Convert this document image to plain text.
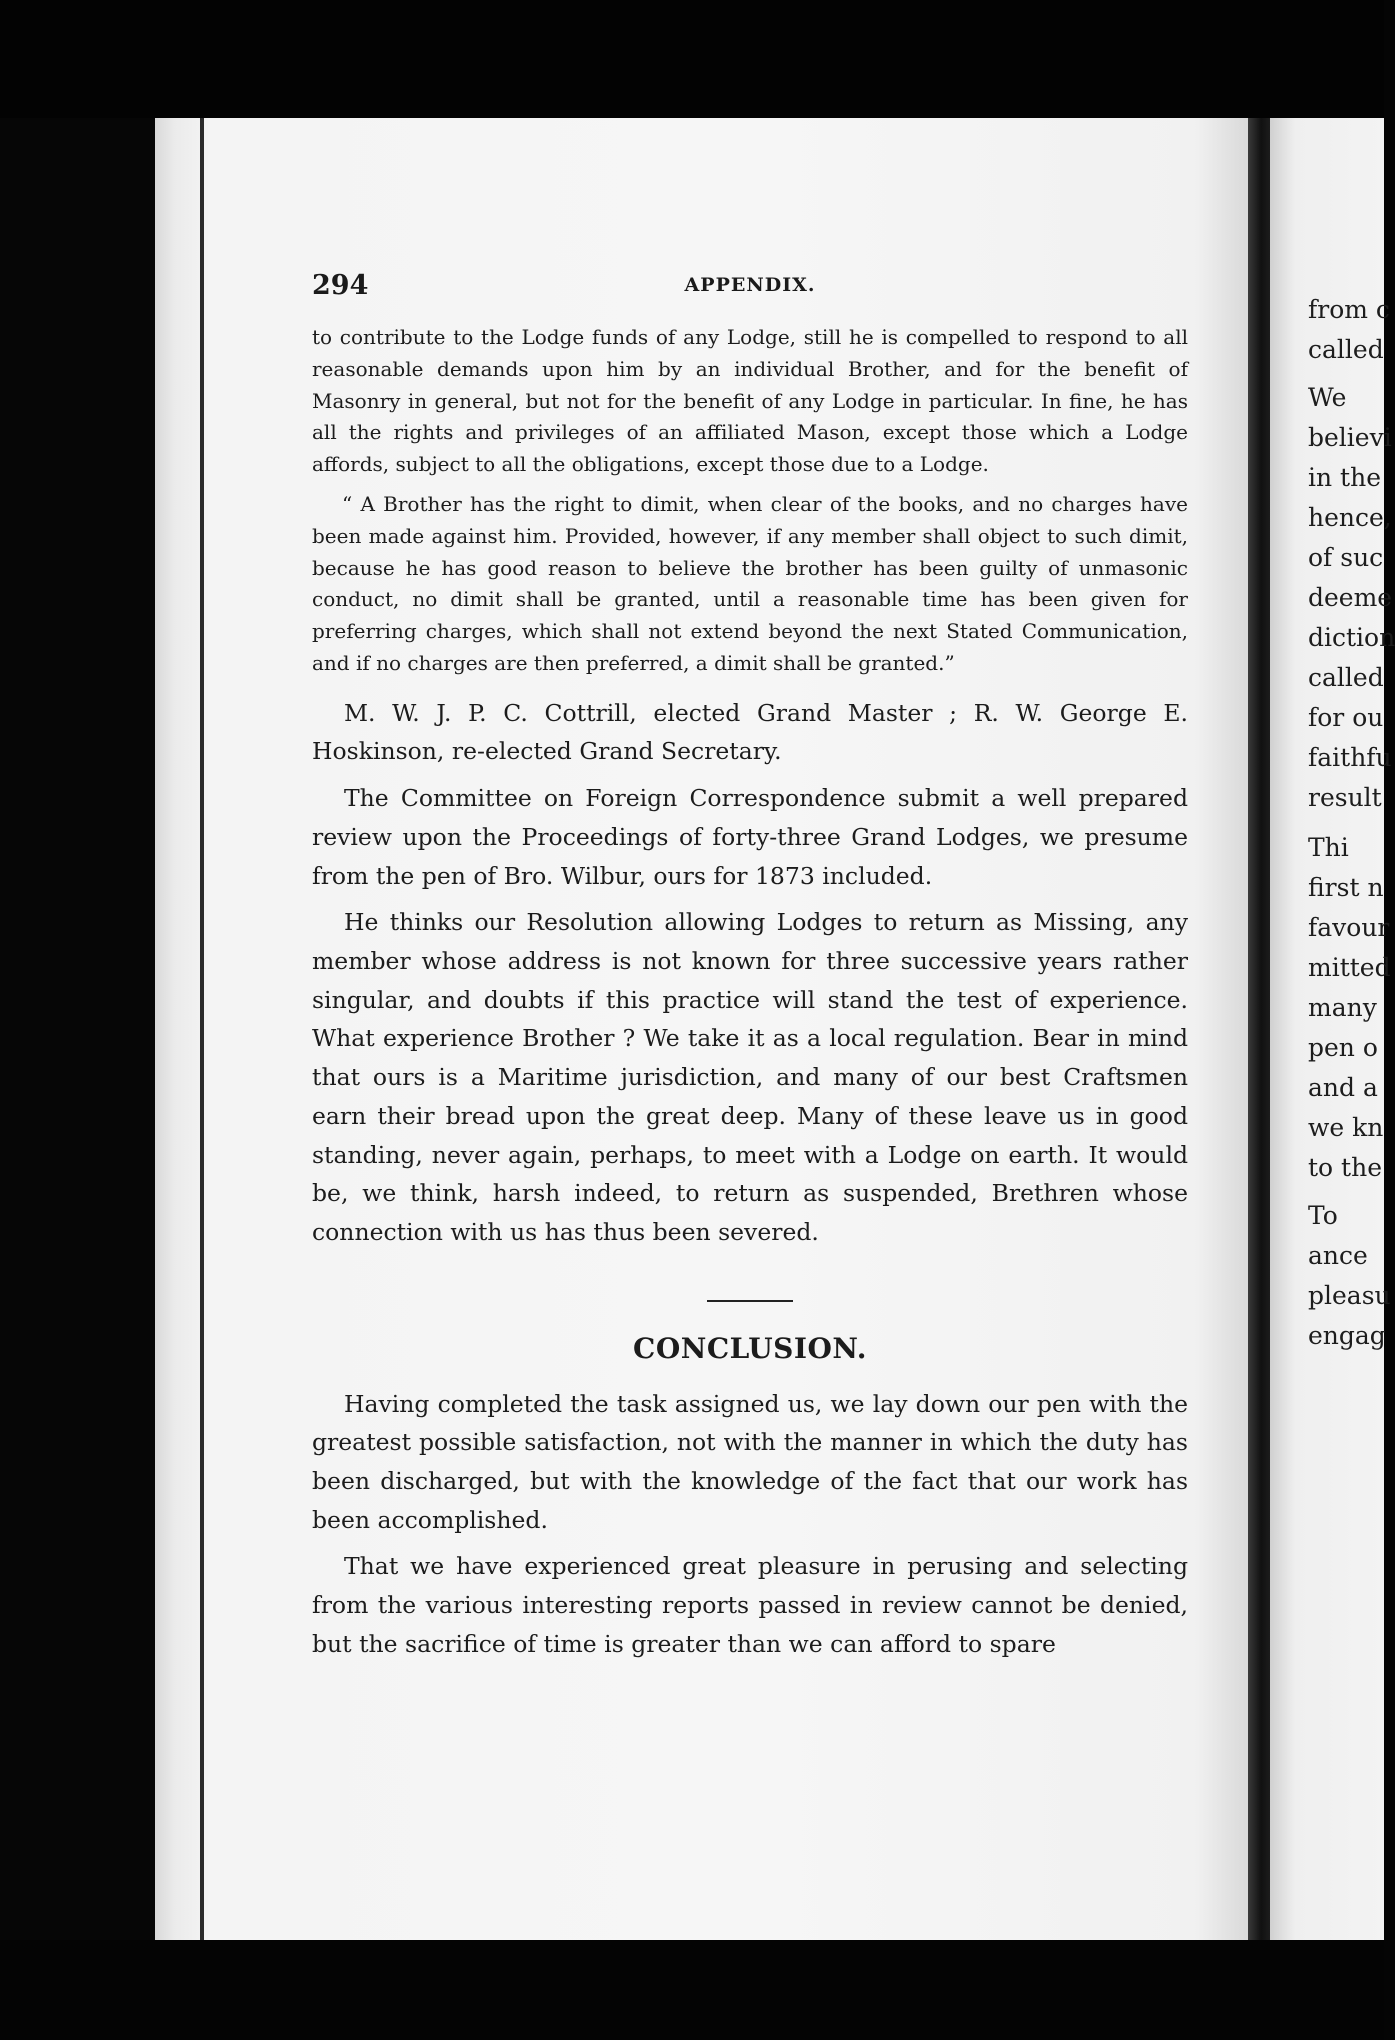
294	APPENDIX.

to contribute to the Lodge funds of any Lodge, still he is compelled to respond to all reasonable demands upon him by an individual Brother, and for the benefit of Masonry in general, but not for the benefit of any Lodge in particular. In fine, he has all the rights and privileges of an affiliated Mason, except those which a Lodge affords, subject to all the obligations, except those due to a Lodge.

“ A Brother has the right to dimit, when clear of the books, and no charges have been made against him. Provided, however, if any member shall object to such dimit, because he has good reason to believe the brother has been guilty of unmasonic conduct, no dimit shall be granted, until a reasonable time has been given for preferring charges, which shall not extend beyond the next Stated Communication, and if no charges are then preferred, a dimit shall be granted.”

M. W. J. P. C. Cottrill, elected Grand Master ; R. W. George E. Hoskinson, re-elected Grand Secretary.

The Committee on Foreign Correspondence submit a well prepared review upon the Proceedings of forty-three Grand Lodges, we presume from the pen of Bro. Wilbur, ours for 1873 included.

He thinks our Resolution allowing Lodges to return as Missing, any member whose address is not known for three successive years rather singular, and doubts if this practice will stand the test of experience. What experience Brother ? We take it as a local regulation. Bear in mind that ours is a Maritime jurisdiction, and many of our best Craftsmen earn their bread upon the great deep. Many of these leave us in good standing, never again, perhaps, to meet with a Lodge on earth. It would be, we think, harsh indeed, to return as suspended, Brethren whose connection with us has thus been severed.

CONCLUSION.

Having completed the task assigned us, we lay down our pen with the greatest possible satisfaction, not with the manner in which the duty has been discharged, but with the knowledge of the fact that our work has been accomplished.

That we have experienced great pleasure in perusing and selecting from the various interesting reports passed in review cannot be denied, but the sacrifice of time is greater than we can afford to spare

from c
called
We
believi
in the
hence,
of suc
deeme
diction
called
for ou
faithfu
result
Thi
first n
favour
mitted
many
pen o
and a
we kn
to the
To
ance
pleasu
engag
